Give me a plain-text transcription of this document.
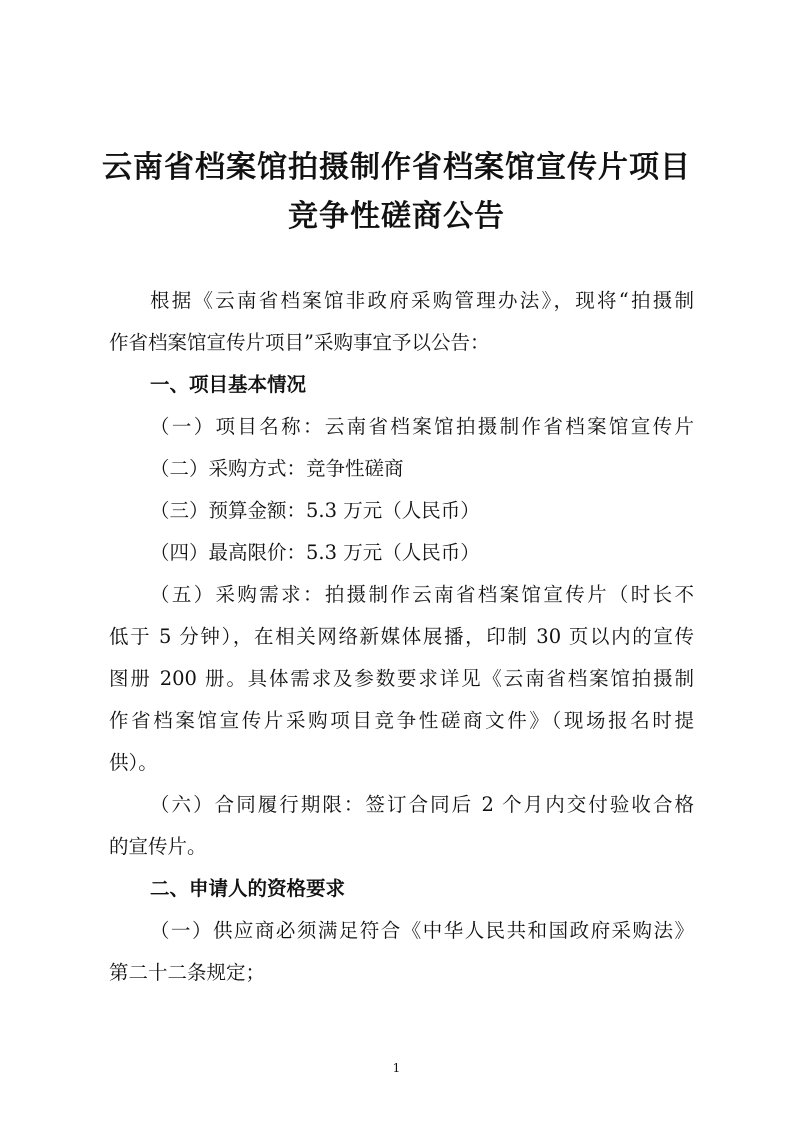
云南省档案馆拍摄制作省档案馆宣传片项目
竞争性磋商公告
根据《云南省档案馆非政府采购管理办法》，现将“拍摄制
作省档案馆宣传片项目”采购事宜予以公告：
一、项目基本情况
（一）项目名称：云南省档案馆拍摄制作省档案馆宣传片
（二）采购方式：竞争性磋商
（三）预算金额：5.3 万元（人民币）
（四）最高限价：5.3 万元（人民币）
（五）采购需求：拍摄制作云南省档案馆宣传片（时长不
低于 5 分钟），在相关网络新媒体展播，印制 30 页以内的宣传
图册 200 册。具体需求及参数要求详见《云南省档案馆拍摄制
作省档案馆宣传片采购项目竞争性磋商文件》（现场报名时提
供）。
（六）合同履行期限：签订合同后 2 个月内交付验收合格
的宣传片。
二、申请人的资格要求
（一）供应商必须满足符合《中华人民共和国政府采购法》
第二十二条规定；
1
